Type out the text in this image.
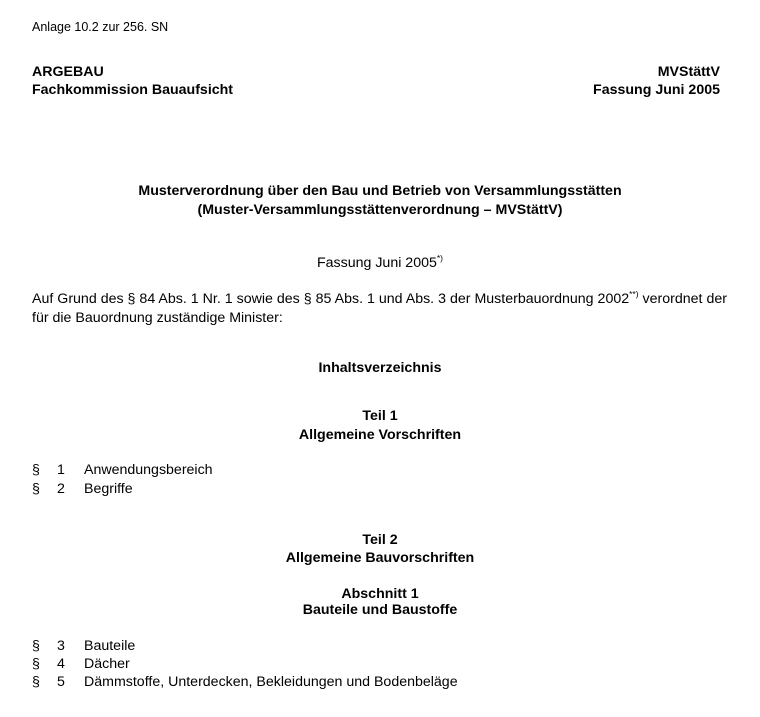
Anlage 10.2 zur 256. SN
ARGEBAU
Fachkommission Bauaufsicht
MVStättV
Fassung Juni 2005
Musterverordnung über den Bau und Betrieb von Versammlungsstätten
(Muster-Versammlungsstättenverordnung – MVStättV)
Fassung Juni 2005*)
Auf Grund des § 84 Abs. 1 Nr. 1 sowie des § 85 Abs. 1 und Abs. 3 der Musterbauordnung 2002**) verordnet der für die Bauordnung zuständige Minister:
Inhaltsverzeichnis
Teil 1
Allgemeine Vorschriften
§	1	Anwendungsbereich
§	2	Begriffe
Teil 2
Allgemeine Bauvorschriften
Abschnitt 1
Bauteile und Baustoffe
§	3	Bauteile
§	4	Dächer
§	5	Dämmstoffe, Unterdecken, Bekleidungen und Bodenbeläge
